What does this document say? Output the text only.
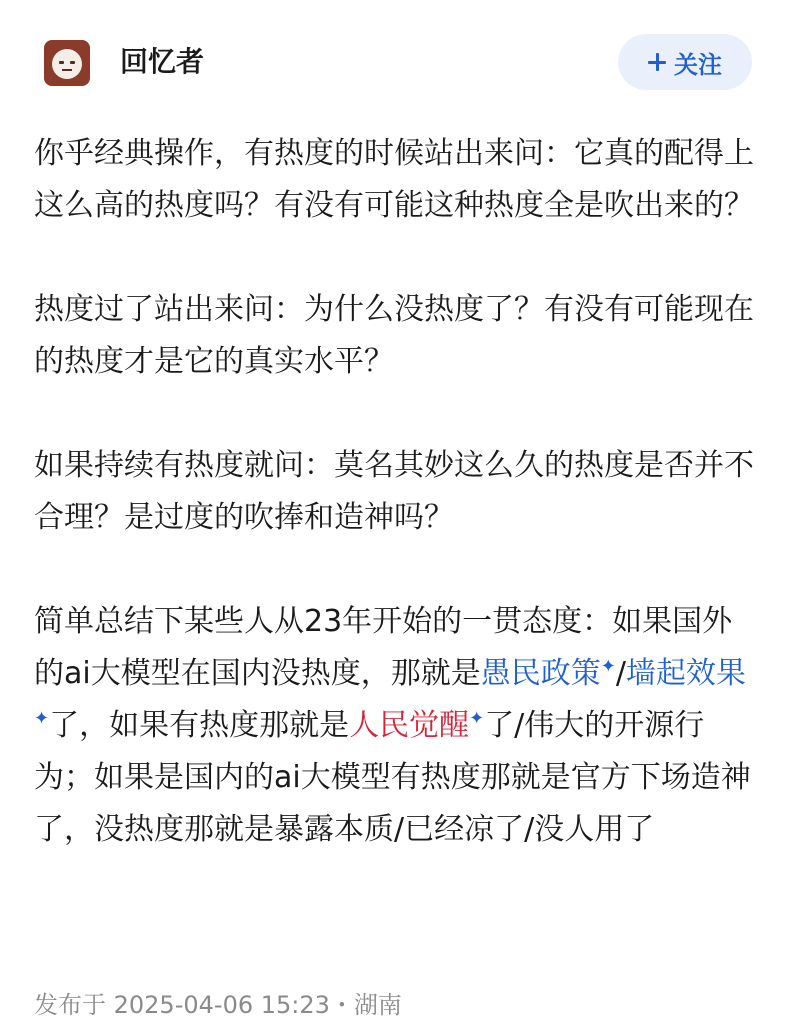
回忆者	关注

你乎经典操作，有热度的时候站出来问：它真的配得上这么高的热度吗？有没有可能这种热度全是吹出来的？

热度过了站出来问：为什么没热度了？有没有可能现在的热度才是它的真实水平？

如果持续有热度就问：莫名其妙这么久的热度是否并不合理？是过度的吹捧和造神吗？

简单总结下某些人从23年开始的一贯态度：如果国外的ai大模型在国内没热度，那就是愚民政策✦/墙起效果✦了，如果有热度那就是人民觉醒✦了/伟大的开源行为；如果是国内的ai大模型有热度那就是官方下场造神了，没热度那就是暴露本质/已经凉了/没人用了

发布于 2025-04-06 15:23・湖南
